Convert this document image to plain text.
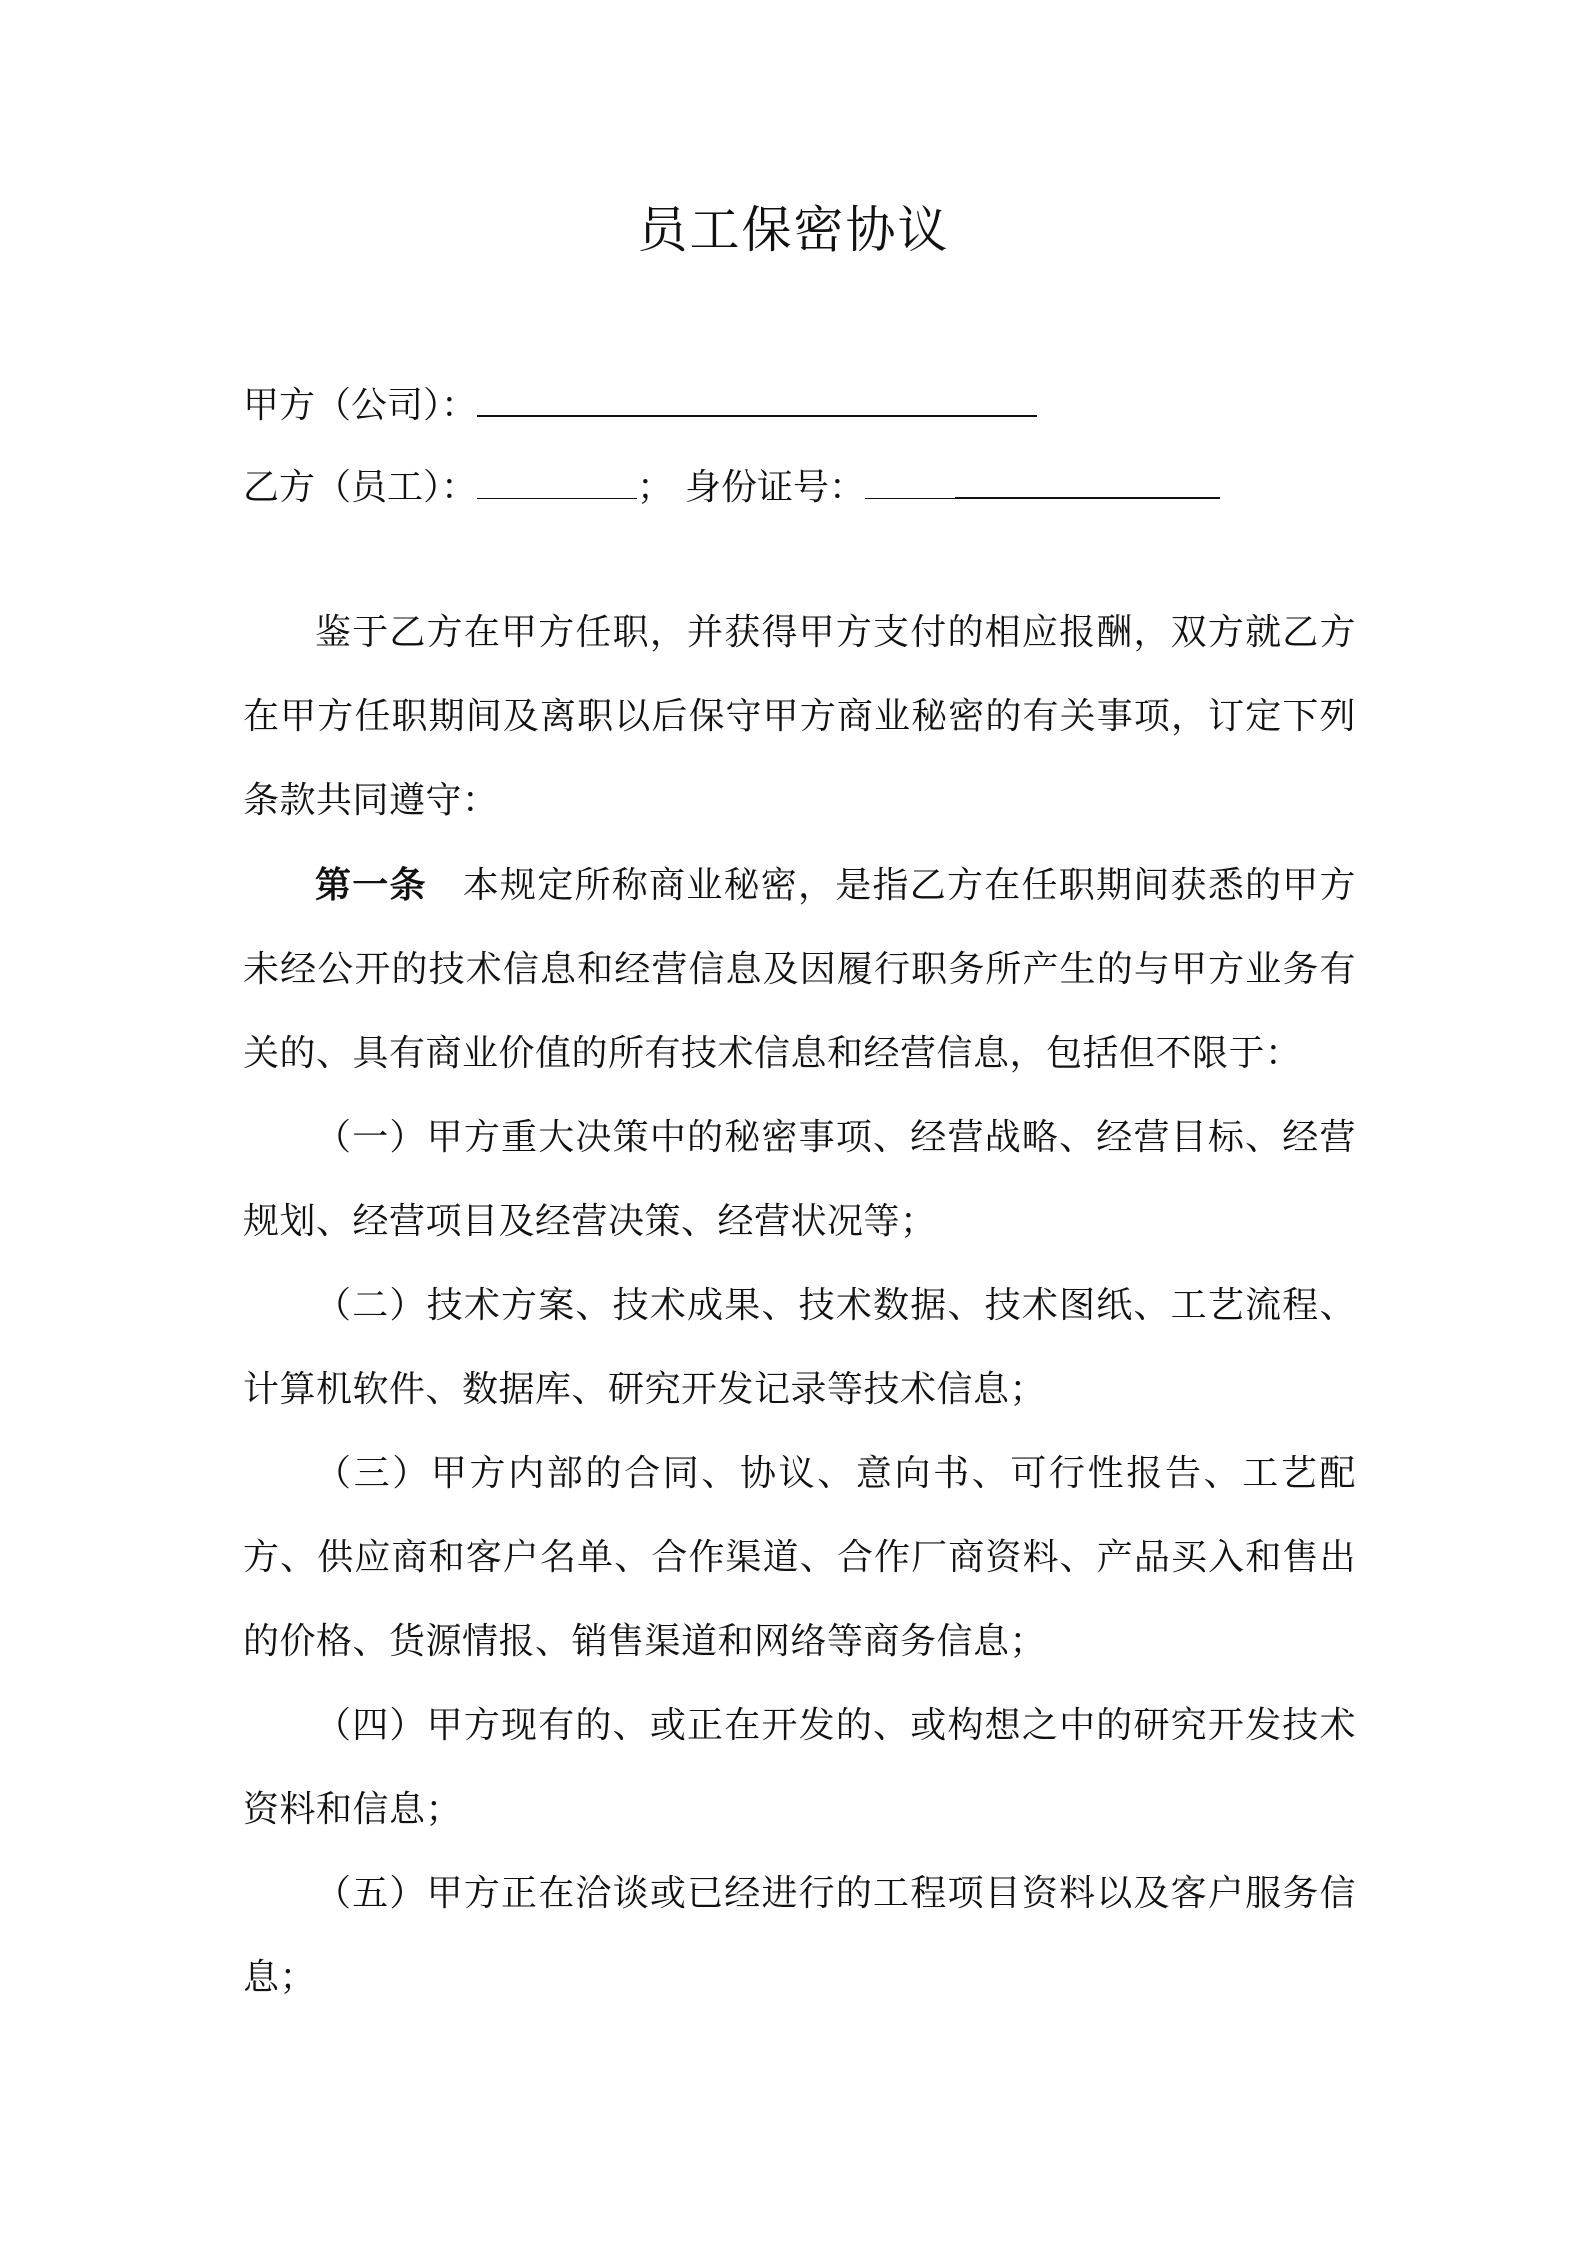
员工保密协议
甲方（公司）：
乙方（员工）：	； 身份证号：

鉴于乙方在甲方任职，并获得甲方支付的相应报酬，双方就乙方在甲方任职期间及离职以后保守甲方商业秘密的有关事项，订定下列条款共同遵守：

第一条 本规定所称商业秘密，是指乙方在任职期间获悉的甲方未经公开的技术信息和经营信息及因履行职务所产生的与甲方业务有关的、具有商业价值的所有技术信息和经营信息，包括但不限于：

（一）甲方重大决策中的秘密事项、经营战略、经营目标、经营规划、经营项目及经营决策、经营状况等；

（二）技术方案、技术成果、技术数据、技术图纸、工艺流程、计算机软件、数据库、研究开发记录等技术信息；

（三）甲方内部的合同、协议、意向书、可行性报告、工艺配方、供应商和客户名单、合作渠道、合作厂商资料、产品买入和售出的价格、货源情报、销售渠道和网络等商务信息；

（四）甲方现有的、或正在开发的、或构想之中的研究开发技术资料和信息；

（五）甲方正在洽谈或已经进行的工程项目资料以及客户服务信息；
